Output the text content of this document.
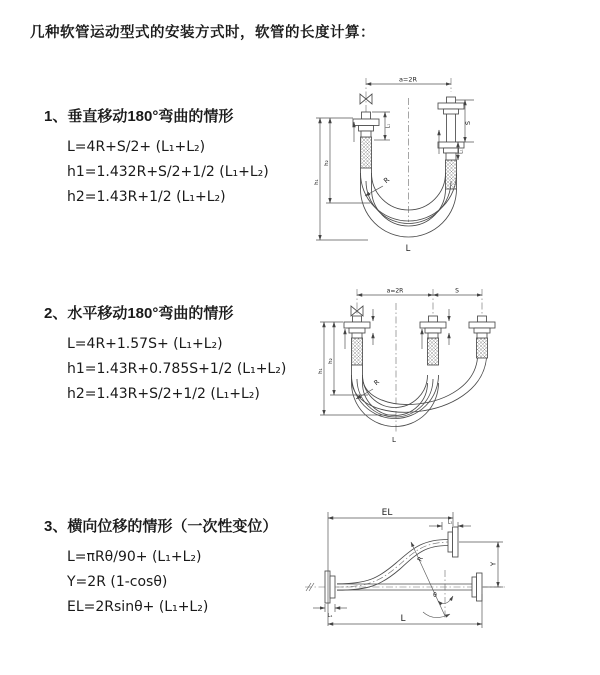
几种软管运动型式的安装方式时，软管的长度计算：
1、垂直移动180°弯曲的情形
L=4R+S/2+ (L₁+L₂)
h1=1.432R+S/2+1/2 (L₁+L₂)
h2=1.43R+1/2 (L₁+L₂)
2、水平移动180°弯曲的情形
L=4R+1.57S+ (L₁+L₂)
h1=1.43R+0.785S+1/2 (L₁+L₂)
h2=1.43R+S/2+1/2 (L₁+L₂)
3、横向位移的情形（一次性变位）
L=πRθ/90+ (L₁+L₂)
Y=2R (1-cosθ)
EL=2Rsinθ+ (L₁+L₂)
a=2R
S
L₁
L₁
h₁
h₂
R
L
a=2R	S
h₁
h₂
R
L
EL
L₁
Y
R
θ
L
L₁
